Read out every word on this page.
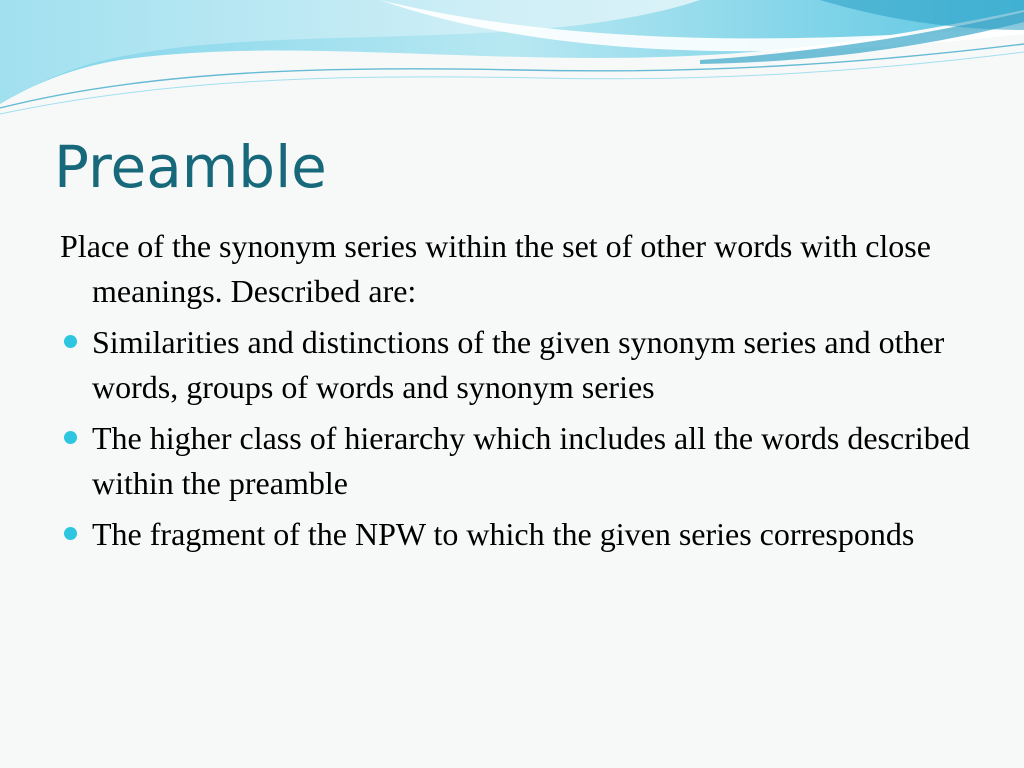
Preamble

Place of the synonym series within the set of other words with close meanings. Described are:

Similarities and distinctions of the given synonym series and other words, groups of words and synonym series
The higher class of hierarchy which includes all the words described within the preamble
The fragment of the NPW to which the given series corresponds
